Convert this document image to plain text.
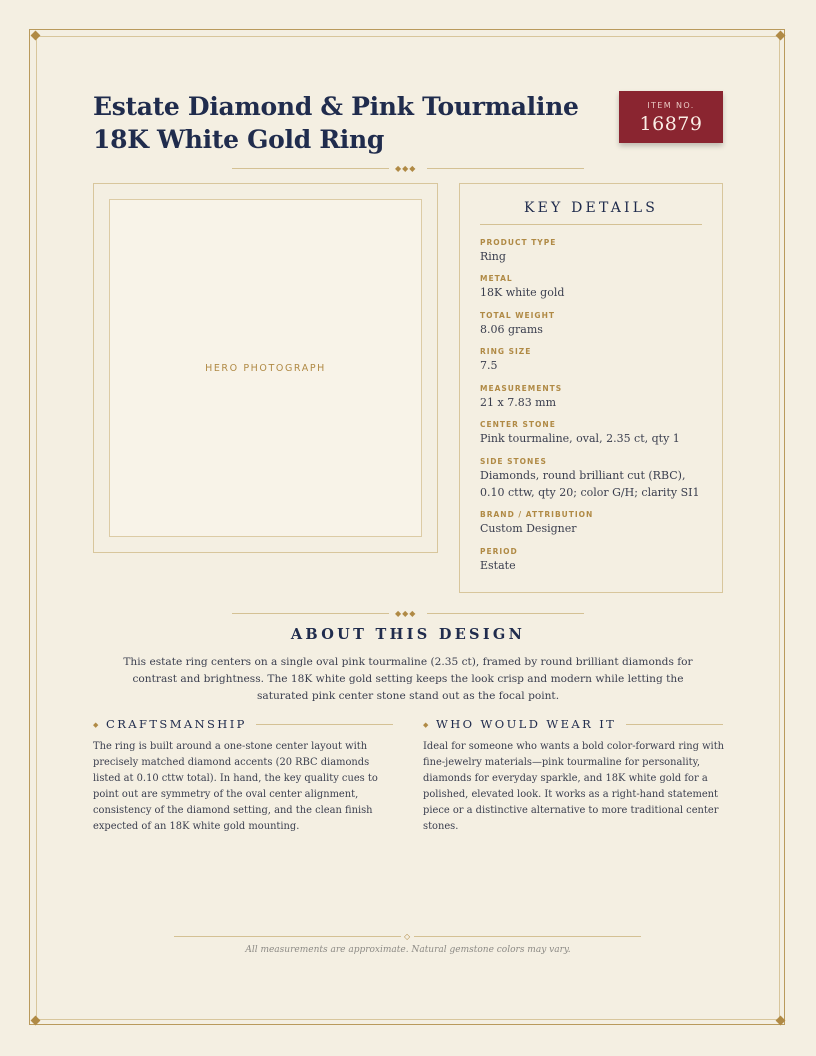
Estate Diamond & Pink Tourmaline 18K White Gold Ring
ITEM NO.
16879
◆◆◆
HERO PHOTOGRAPH
KEY DETAILS
PRODUCT TYPE
Ring
METAL
18K white gold
TOTAL WEIGHT
8.06 grams
RING SIZE
7.5
MEASUREMENTS
21 x 7.83 mm
CENTER STONE
Pink tourmaline, oval, 2.35 ct, qty 1
SIDE STONES
Diamonds, round brilliant cut (RBC), 0.10 cttw, qty 20; color G/H; clarity SI1
BRAND / ATTRIBUTION
Custom Designer
PERIOD
Estate
◆◆◆
ABOUT THIS DESIGN

This estate ring centers on a single oval pink tourmaline (2.35 ct), framed by round brilliant diamonds for contrast and brightness. The 18K white gold setting keeps the look crisp and modern while letting the saturated pink center stone stand out as the focal point.

◆ CRAFTSMANSHIP

The ring is built around a one-stone center layout with precisely matched diamond accents (20 RBC diamonds listed at 0.10 cttw total). In hand, the key quality cues to point out are symmetry of the oval center alignment, consistency of the diamond setting, and the clean finish expected of an 18K white gold mounting.

◆ WHO WOULD WEAR IT

Ideal for someone who wants a bold color-forward ring with fine-jewelry materials—pink tourmaline for personality, diamonds for everyday sparkle, and 18K white gold for a polished, elevated look. It works as a right-hand statement piece or a distinctive alternative to more traditional center stones.

◇

All measurements are approximate. Natural gemstone colors may vary.
